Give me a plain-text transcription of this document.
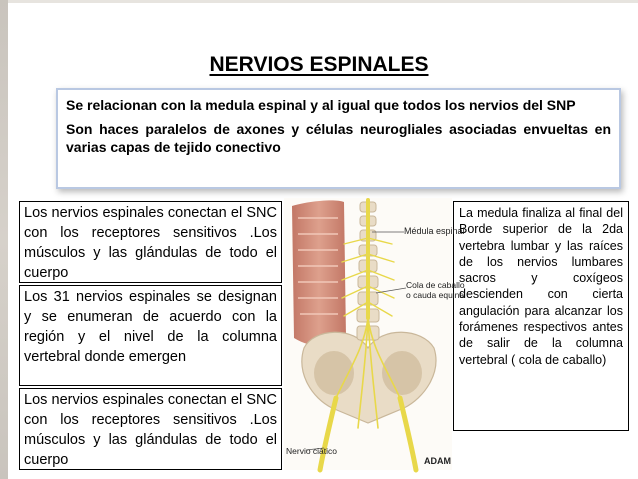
NERVIOS ESPINALES

Se relacionan con la medula espinal y al igual que todos los nervios del SNP

Son haces paralelos de axones y células neurogliales asociadas envueltas en varias capas de tejido conectivo

Los nervios espinales conectan el SNC con los receptores sensitivos .Los músculos y las glándulas de todo el cuerpo
Los 31 nervios espinales se designan y se enumeran de acuerdo con la región y el nivel de la columna vertebral donde emergen
Los nervios espinales conectan el SNC con los receptores sensitivos .Los músculos y las glándulas de todo el cuerpo
La medula finaliza al final del Borde superior de la 2da vertebra lumbar y las raíces de los nervios lumbares sacros y coxígeos descienden con cierta angulación para alcanzar los forámenes respectivos antes de salir de la columna vertebral ( cola de caballo)
Médula espinal
Cola de caballo
o cauda equina
Nervio ciático
ADAM
